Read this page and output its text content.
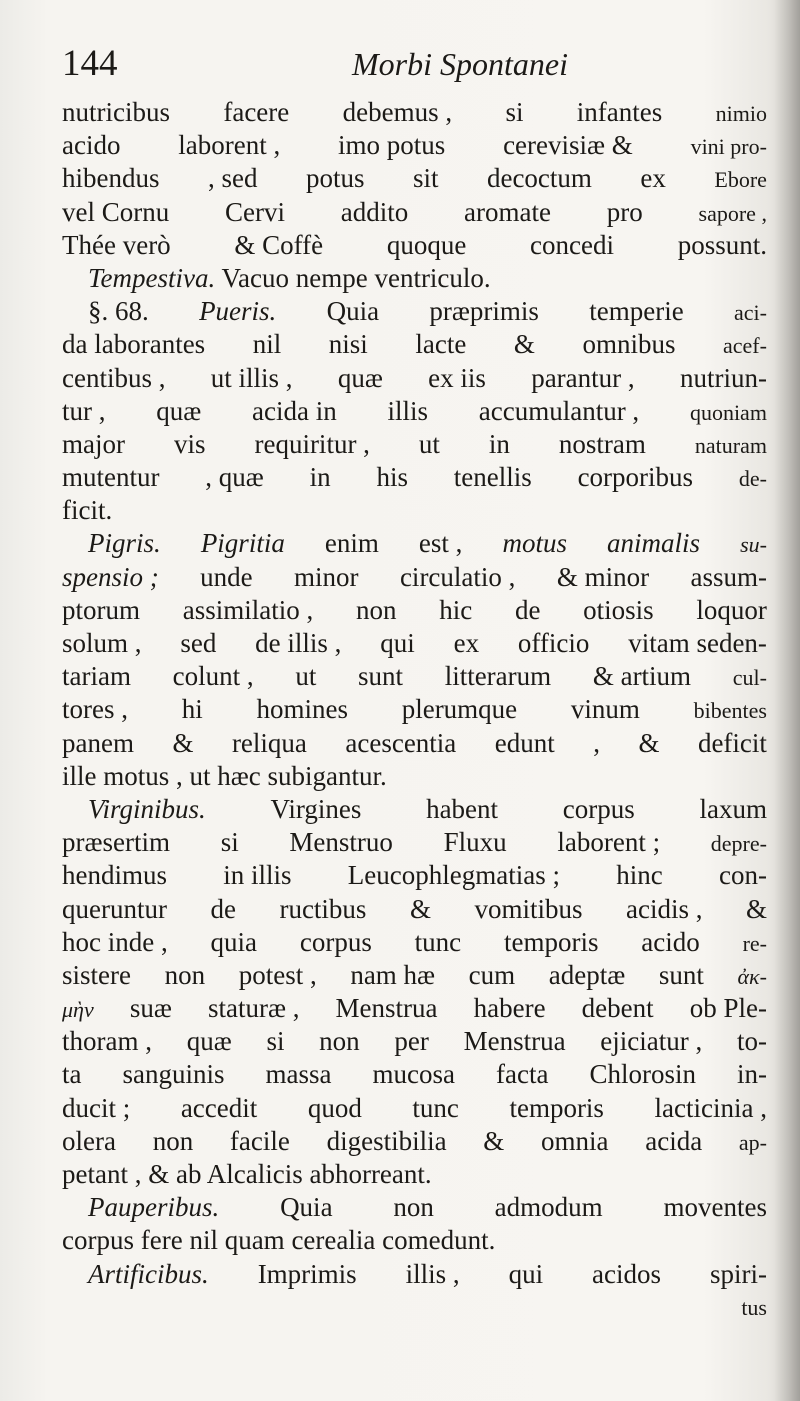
144	Morbi Spontanei
nutricibus facere debemus , si infantes nimio
acido laborent , imo potus cerevisiæ &	vini pro-
hibendus , sed potus sit decoctum ex Ebore
vel Cornu Cervi addito aromate pro	sapore ,
Thée verò & Coffè quoque concedi possunt.
Tempestiva. Vacuo nempe ventriculo.
§. 68. Pueris. Quia præprimis temperie aci-
da laborantes nil nisi lacte & omnibus acef-
centibus , ut illis , quæ ex iis parantur , nutriun-
tur , quæ acida in illis accumulantur , quoniam
major vis requiritur , ut in nostram naturam
mutentur , quæ in his tenellis corporibus de-
ficit.
Pigris. Pigritia enim est , motus animalis su-
spensio ; unde minor circulatio , & minor assum-
ptorum assimilatio , non hic de otiosis loquor
solum , sed de illis , qui ex officio vitam seden-
tariam colunt , ut sunt litterarum & artium cul-
tores , hi homines plerumque vinum bibentes
panem & reliqua acescentia edunt , & deficit
ille motus , ut hæc subigantur.
Virginibus. Virgines habent corpus laxum
præsertim si Menstruo Fluxu laborent ; depre-
hendimus in illis Leucophlegmatias ; hinc con-
queruntur de ructibus & vomitibus acidis , &
hoc inde , quia corpus tunc temporis acido re-
sistere non potest , nam hæ cum adeptæ sunt ἀκ-
μὴν suæ staturæ , Menstrua habere debent ob Ple-
thoram , quæ si non per Menstrua ejiciatur , to-
ta sanguinis massa mucosa facta Chlorosin in-
ducit ; accedit quod tunc temporis lacticinia ,
olera non facile digestibilia & omnia acida ap-
petant , & ab Alcalicis abhorreant.
Pauperibus. Quia non admodum moventes
corpus fere nil quam cerealia comedunt.
Artificibus. Imprimis illis , qui acidos spiri-
tus
